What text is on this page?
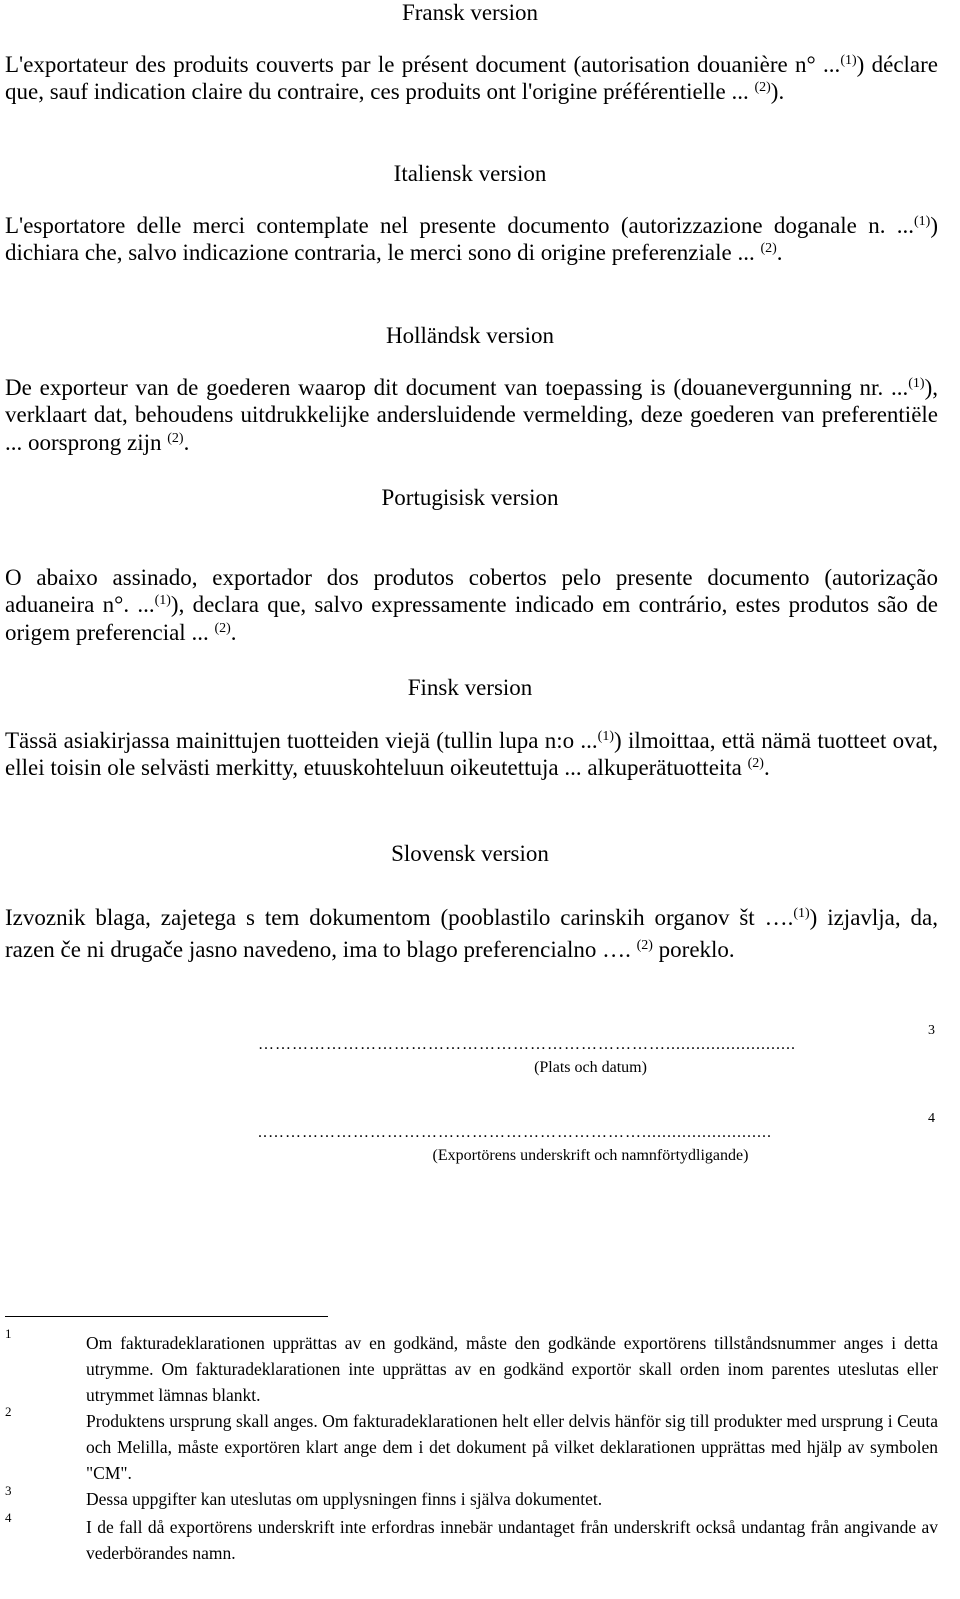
Fransk version

L'exportateur des produits couverts par le présent document (autorisation douanière n° ...$^{(1)}$) déclare que, sauf indication claire du contraire, ces produits ont l'origine préférentielle ... $^{(2)}$).

Italiensk version

L'esportatore delle merci contemplate nel presente documento (autorizzazione doganale n. ...$^{(1)}$) dichiara che, salvo indicazione contraria, le merci sono di origine preferenziale ... $^{(2)}$.

Holländsk version

De exporteur van de goederen waarop dit document van toepassing is (douanevergunning nr. ...$^{(1)}$), verklaart dat, behoudens uitdrukkelijke andersluidende vermelding, deze goederen van preferentiële ... oorsprong zijn $^{(2)}$.

Portugisisk version

O abaixo assinado, exportador dos produtos cobertos pelo presente documento (autorização aduaneira n°. ...$^{(1)}$), declara que, salvo expressamente indicado em contrário, estes produtos são de origem preferencial ... $^{(2)}$.

Finsk version

Tässä asiakirjassa mainittujen tuotteiden viejä (tullin lupa n:o ...$^{(1)}$) ilmoittaa, että nämä tuotteet ovat, ellei toisin ole selvästi merkitty, etuuskohteluun oikeutettuja ... alkuperätuotteita $^{(2)}$.

Slovensk version

Izvoznik blaga, zajetega s tem dokumentom (pooblastilo carinskih organov št ….$^{(1)}$) izjavlja, da, razen če ni drugače jasno navedeno, ima to blago preferencialno …. $^{(2)}$ poreklo.

………………………………………………………………..........................
3
(Plats och datum)
..…………………………………………………………..........................
4
(Exportörens underskrift och namnförtydligande)
1	Om fakturadeklarationen upprättas av en godkänd, måste den godkände exportörens tillståndsnummer anges i detta utrymme. Om fakturadeklarationen inte upprättas av en godkänd exportör skall orden inom parentes uteslutas eller utrymmet lämnas blankt.

2	Produktens ursprung skall anges. Om fakturadeklarationen helt eller delvis hänför sig till produkter med ursprung i Ceuta och Melilla, måste exportören klart ange dem i det dokument på vilket deklarationen upprättas med hjälp av symbolen "CM".

3	Dessa uppgifter kan uteslutas om upplysningen finns i själva dokumentet.

4	I de fall då exportörens underskrift inte erfordras innebär undantaget från underskrift också undantag från angivande av vederbörandes namn.
